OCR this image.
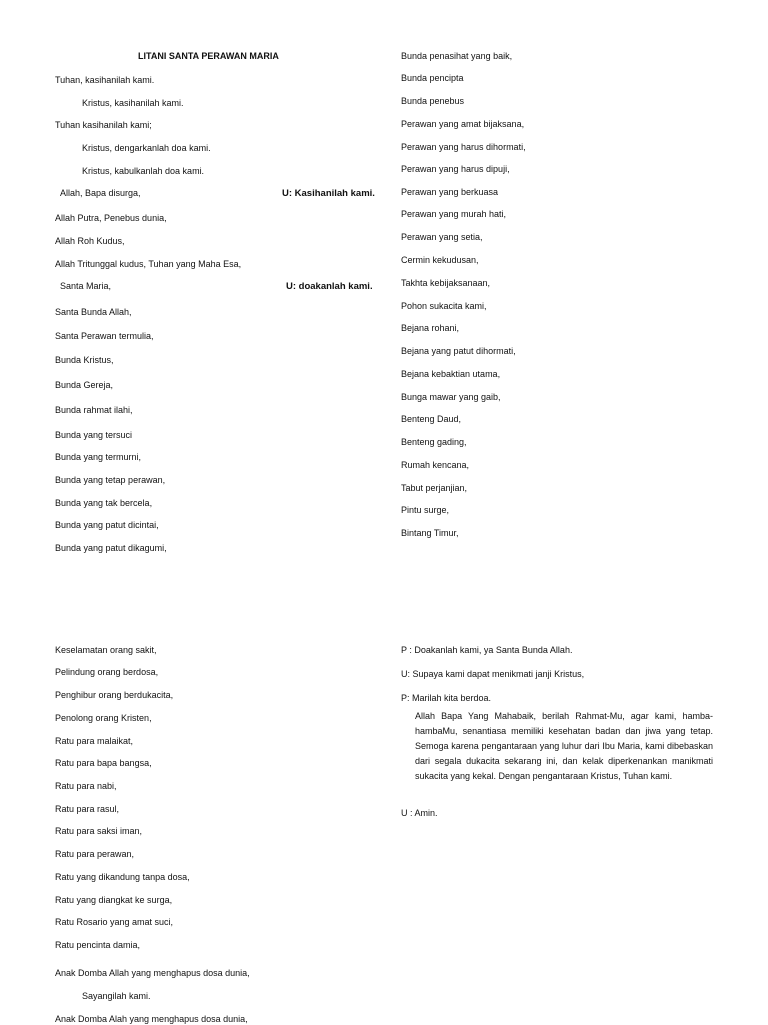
LITANI SANTA PERAWAN MARIA
Tuhan, kasihanilah kami.
Kristus, kasihanilah kami.
Tuhan kasihanilah kami;
Kristus, dengarkanlah doa kami.
Kristus, kabulkanlah doa kami.
Allah, Bapa disurga,	U: Kasihanilah kami.
Allah Putra, Penebus dunia,
Allah Roh Kudus,
Allah Tritunggal kudus, Tuhan yang Maha Esa,
Santa Maria,	U: doakanlah kami.
Santa Bunda Allah,
Santa Perawan termulia,
Bunda Kristus,
Bunda Gereja,
Bunda rahmat ilahi,
Bunda yang tersuci
Bunda yang termurni,
Bunda yang tetap perawan,
Bunda yang tak bercela,
Bunda yang patut dicintai,
Bunda yang patut dikagumi,
Bunda penasihat yang baik,
Bunda pencipta
Bunda penebus
Perawan yang amat bijaksana,
Perawan yang harus dihormati,
Perawan yang harus dipuji,
Perawan yang berkuasa
Perawan yang murah hati,
Perawan yang setia,
Cermin kekudusan,
Takhta kebijaksanaan,
Pohon sukacita kami,
Bejana rohani,
Bejana yang patut dihormati,
Bejana kebaktian utama,
Bunga mawar yang gaib,
Benteng Daud,
Benteng gading,
Rumah kencana,
Tabut perjanjian,
Pintu surge,
Bintang Timur,
Keselamatan orang sakit,
Pelindung orang berdosa,
Penghibur orang berdukacita,
Penolong orang Kristen,
Ratu para malaikat,
Ratu para bapa bangsa,
Ratu para nabi,
Ratu para rasul,
Ratu para saksi iman,
Ratu para perawan,
Ratu yang dikandung tanpa dosa,
Ratu yang diangkat ke surga,
Ratu Rosario yang amat suci,
Ratu pencinta damia,
Anak Domba Allah yang menghapus dosa dunia,
Sayangilah kami.
Anak Domba Alah yang menghapus dosa dunia,
P : Doakanlah kami, ya Santa Bunda Allah.
U: Supaya kami dapat menikmati janji Kristus,
P: Marilah kita berdoa.
Allah Bapa Yang Mahabaik, berilah Rahmat-Mu, agar kami, hamba-hambaMu, senantiasa memiliki kesehatan badan dan jiwa yang tetap. Semoga karena pengantaraan yang luhur dari Ibu Maria, kami dibebaskan dari segala dukacita sekarang ini, dan kelak diperkenankan manikmati sukacita yang kekal. Dengan pengantaraan Kristus, Tuhan kami.
U : Amin.
